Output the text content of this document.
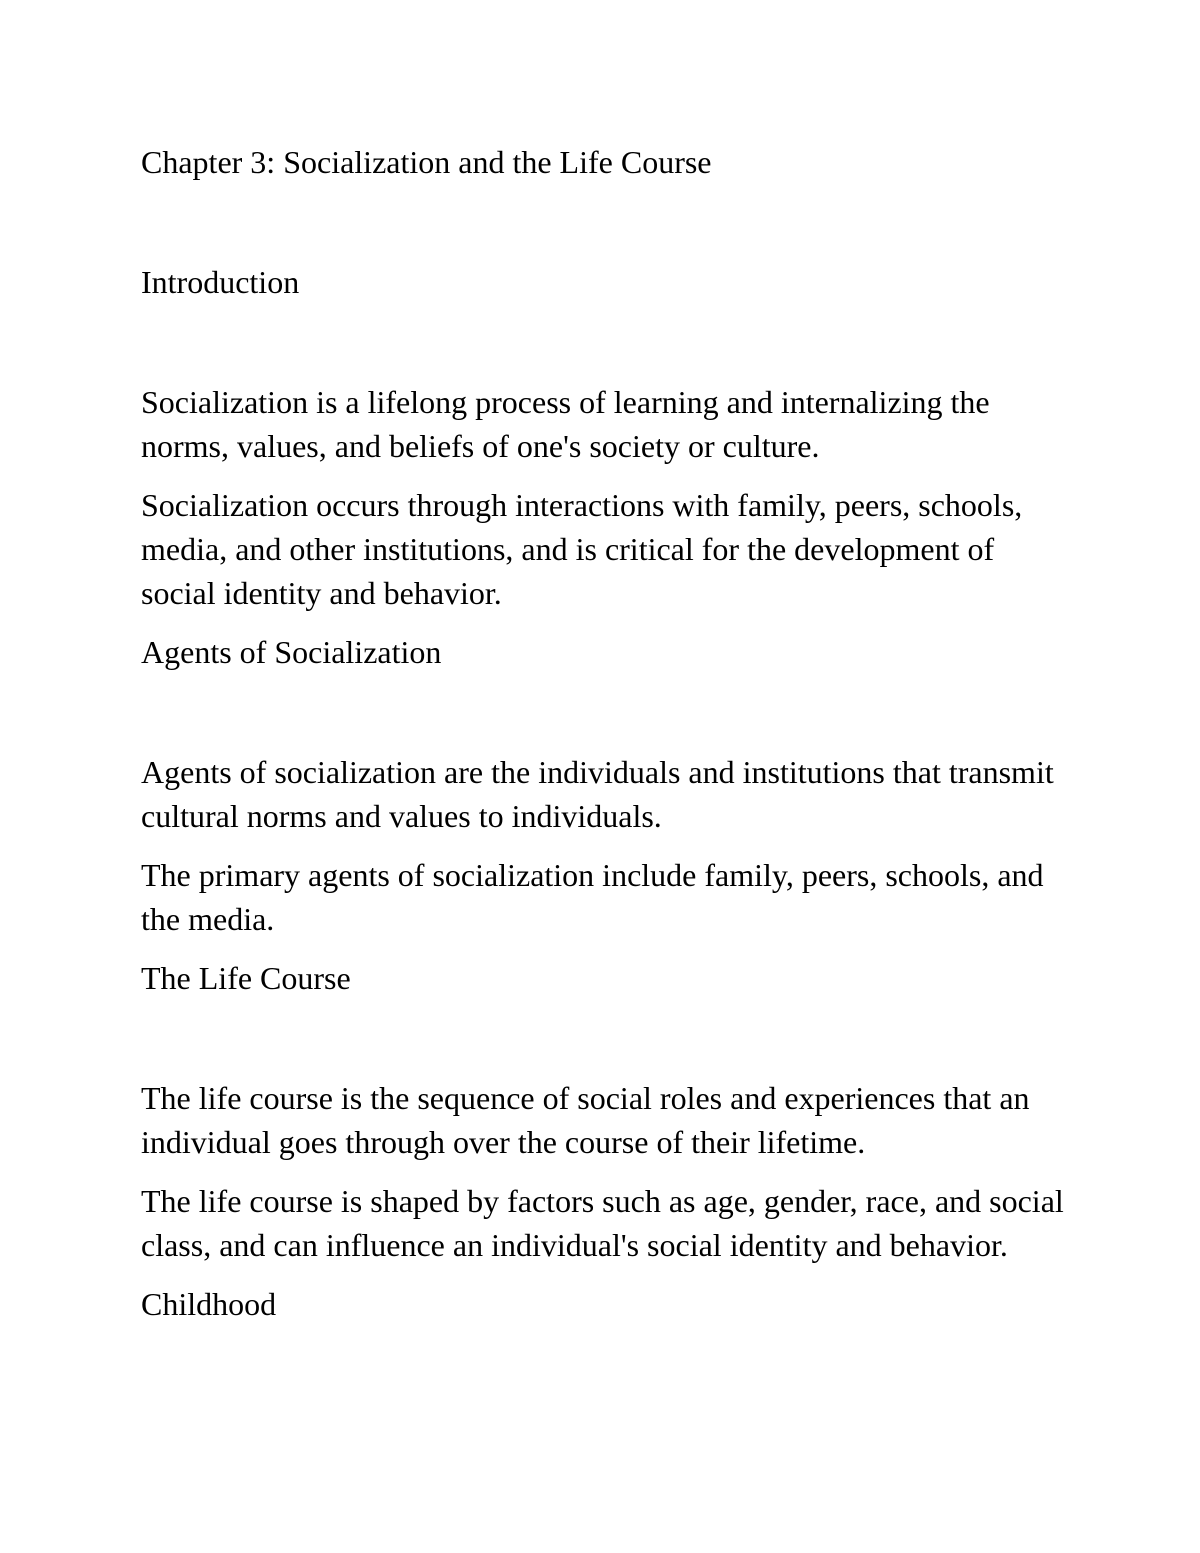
Chapter 3: Socialization and the Life Course

Introduction

Socialization is a lifelong process of learning and internalizing the norms, values, and beliefs of one's society or culture.

Socialization occurs through interactions with family, peers, schools, media, and other institutions, and is critical for the development of social identity and behavior.

Agents of Socialization

Agents of socialization are the individuals and institutions that transmit cultural norms and values to individuals.

The primary agents of socialization include family, peers, schools, and the media.

The Life Course

The life course is the sequence of social roles and experiences that an individual goes through over the course of their lifetime.

The life course is shaped by factors such as age, gender, race, and social class, and can influence an individual's social identity and behavior.

Childhood
